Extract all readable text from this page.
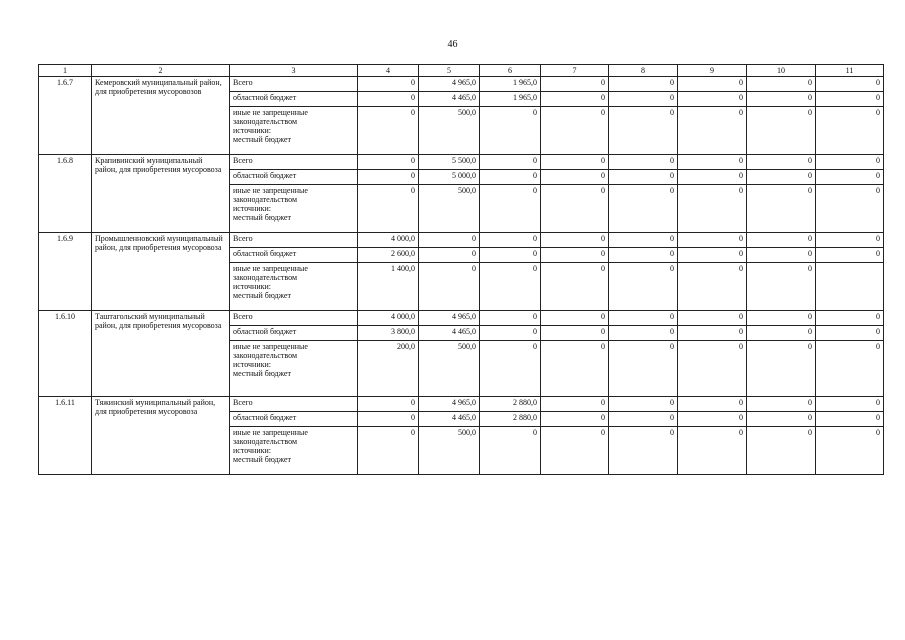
46
1	2	3	4	5	6	7	8	9	10	11
1.6.7	Кемеровский муниципальный район, для приобретения мусоровозов	Всего	0	4 965,0	1 965,0	0	0	0	0	0
		областной бюджет	0	4 465,0	1 965,0	0	0	0	0	0

		иные не запрещенные
законодательством
источники:
местный бюджет	0	500,0	0	0	0	0	0	0
1.6.8	Крапивинский муниципальный район, для приобретения мусоровоза	Всего	0	5 500,0	0	0	0	0	0	0
		областной бюджет	0	5 000,0	0	0	0	0	0	0

		иные не запрещенные
законодательством
источники:
местный бюджет	0	500,0	0	0	0	0	0	0
1.6.9	Промышленновский муниципальный район, для приобретения мусоровоза	Всего	4 000,0	0	0	0	0	0	0	0
		областной бюджет	2 600,0	0	0	0	0	0	0	0

		иные не запрещенные
законодательством
источники:
местный бюджет	1 400,0	0	0	0	0	0	0	
1.6.10	Таштагольский муниципальный район, для приобретения мусоровоза	Всего	4 000,0	4 965,0	0	0	0	0	0	0
		областной бюджет	3 800,0	4 465,0	0	0	0	0	0	0

		иные не запрещенные
законодательством
источники:
местный бюджет	200,0	500,0	0	0	0	0	0	0
1.6.11	Тяжинский муниципальный район, для приобретения мусоровоза	Всего	0	4 965,0	2 880,0	0	0	0	0	0
		областной бюджет	0	4 465,0	2 880,0	0	0	0	0	0

		иные не запрещенные
законодательством
источники:
местный бюджет	0	500,0	0	0	0	0	0	0
